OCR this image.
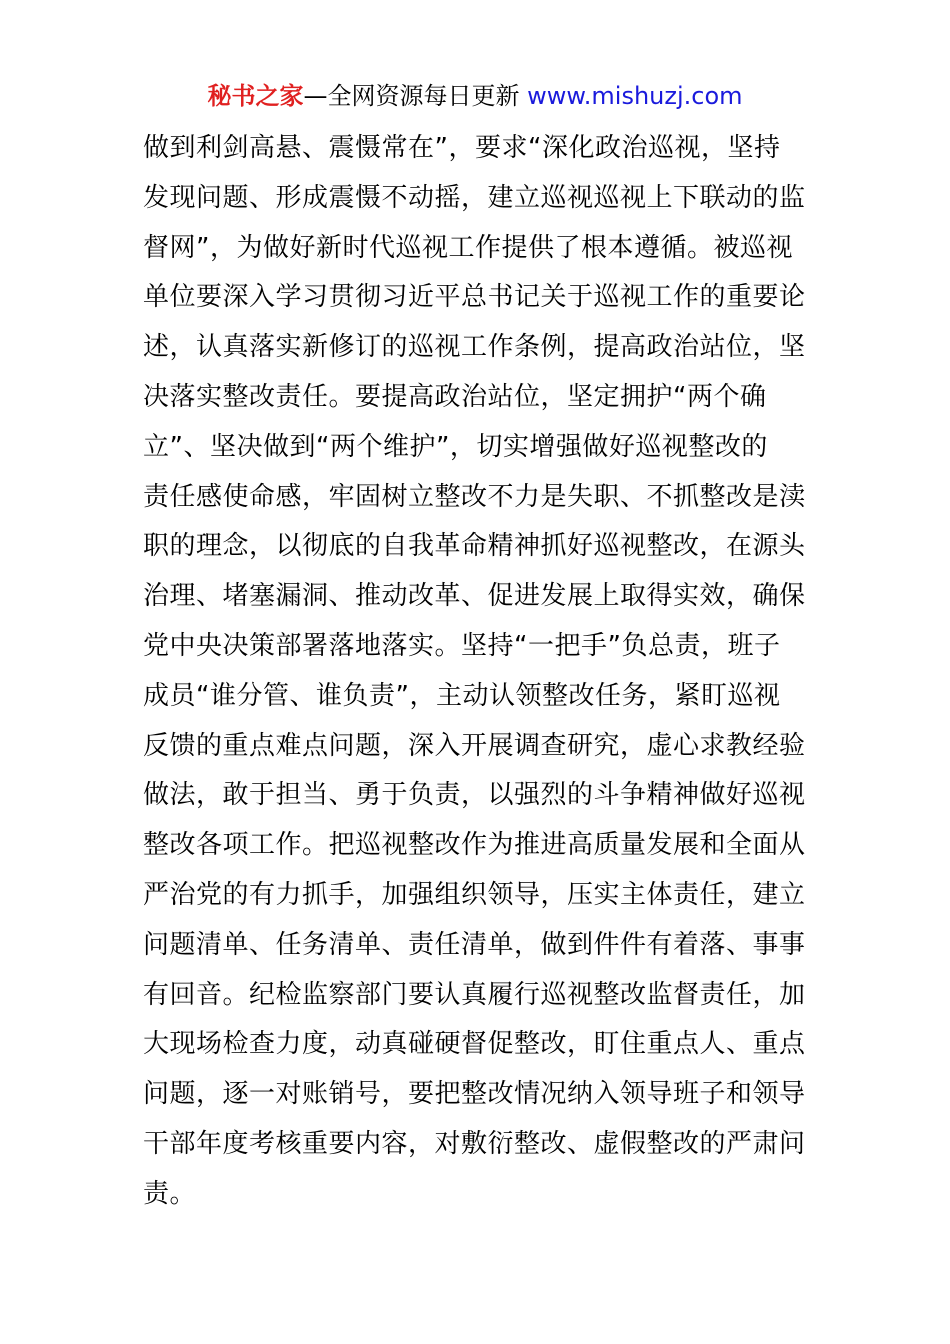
秘书之家—全网资源每日更新 www.mishuzj.com
做到利剑高悬、震慑常在”，要求“深化政治巡视，坚持
发现问题、形成震慑不动摇，建立巡视巡视上下联动的监
督网”，为做好新时代巡视工作提供了根本遵循。被巡视
单位要深入学习贯彻习近平总书记关于巡视工作的重要论
述，认真落实新修订的巡视工作条例，提高政治站位，坚
决落实整改责任。要提高政治站位，坚定拥护“两个确
立”、坚决做到“两个维护”，切实增强做好巡视整改的
责任感使命感，牢固树立整改不力是失职、不抓整改是渎
职的理念，以彻底的自我革命精神抓好巡视整改，在源头
治理、堵塞漏洞、推动改革、促进发展上取得实效，确保
党中央决策部署落地落实。坚持“一把手”负总责，班子
成员“谁分管、谁负责”，主动认领整改任务，紧盯巡视
反馈的重点难点问题，深入开展调查研究，虚心求教经验
做法，敢于担当、勇于负责，以强烈的斗争精神做好巡视
整改各项工作。把巡视整改作为推进高质量发展和全面从
严治党的有力抓手，加强组织领导，压实主体责任，建立
问题清单、任务清单、责任清单，做到件件有着落、事事
有回音。纪检监察部门要认真履行巡视整改监督责任，加
大现场检查力度，动真碰硬督促整改，盯住重点人、重点
问题，逐一对账销号，要把整改情况纳入领导班子和领导
干部年度考核重要内容，对敷衍整改、虚假整改的严肃问
责。
